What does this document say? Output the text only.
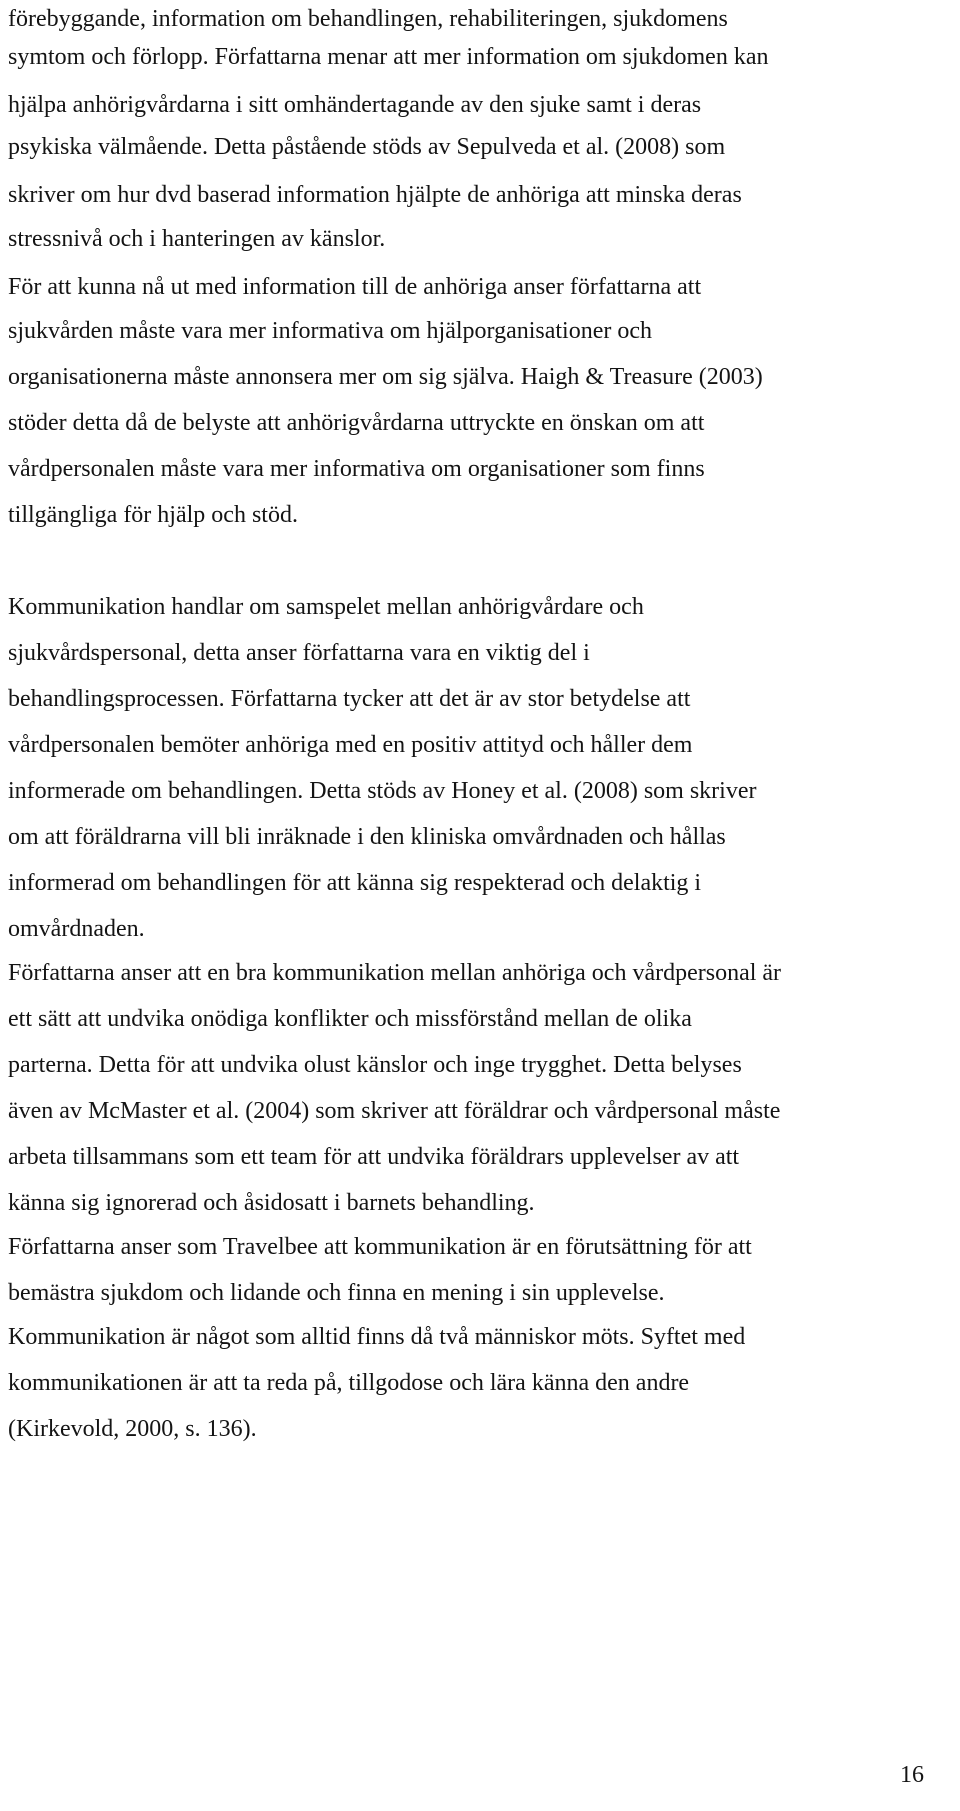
förebyggande, information om behandlingen, rehabiliteringen, sjukdomens
symtom och förlopp. Författarna menar att mer information om sjukdomen kan
hjälpa anhörigvårdarna i sitt omhändertagande av den sjuke samt i deras
psykiska välmående. Detta påstående stöds av Sepulveda et al. (2008) som
skriver om hur dvd baserad information hjälpte de anhöriga att minska deras
stressnivå och i hanteringen av känslor.
För att kunna nå ut med information till de anhöriga anser författarna att
sjukvården måste vara mer informativa om hjälporganisationer och
organisationerna måste annonsera mer om sig själva. Haigh & Treasure (2003)
stöder detta då de belyste att anhörigvårdarna uttryckte en önskan om att
vårdpersonalen måste vara mer informativa om organisationer som finns
tillgängliga för hjälp och stöd.
Kommunikation handlar om samspelet mellan anhörigvårdare och
sjukvårdspersonal, detta anser författarna vara en viktig del i
behandlingsprocessen. Författarna tycker att det är av stor betydelse att
vårdpersonalen bemöter anhöriga med en positiv attityd och håller dem
informerade om behandlingen. Detta stöds av Honey et al. (2008) som skriver
om att föräldrarna vill bli inräknade i den kliniska omvårdnaden och hållas
informerad om behandlingen för att känna sig respekterad och delaktig i
omvårdnaden.
Författarna anser att en bra kommunikation mellan anhöriga och vårdpersonal är
ett sätt att undvika onödiga konflikter och missförstånd mellan de olika
parterna. Detta för att undvika olust känslor och inge trygghet. Detta belyses
även av McMaster et al. (2004) som skriver att föräldrar och vårdpersonal måste
arbeta tillsammans som ett team för att undvika föräldrars upplevelser av att
känna sig ignorerad och åsidosatt i barnets behandling.
Författarna anser som Travelbee att kommunikation är en förutsättning för att
bemästra sjukdom och lidande och finna en mening i sin upplevelse.
Kommunikation är något som alltid finns då två människor möts. Syftet med
kommunikationen är att ta reda på, tillgodose och lära känna den andre
(Kirkevold, 2000, s. 136).
16
